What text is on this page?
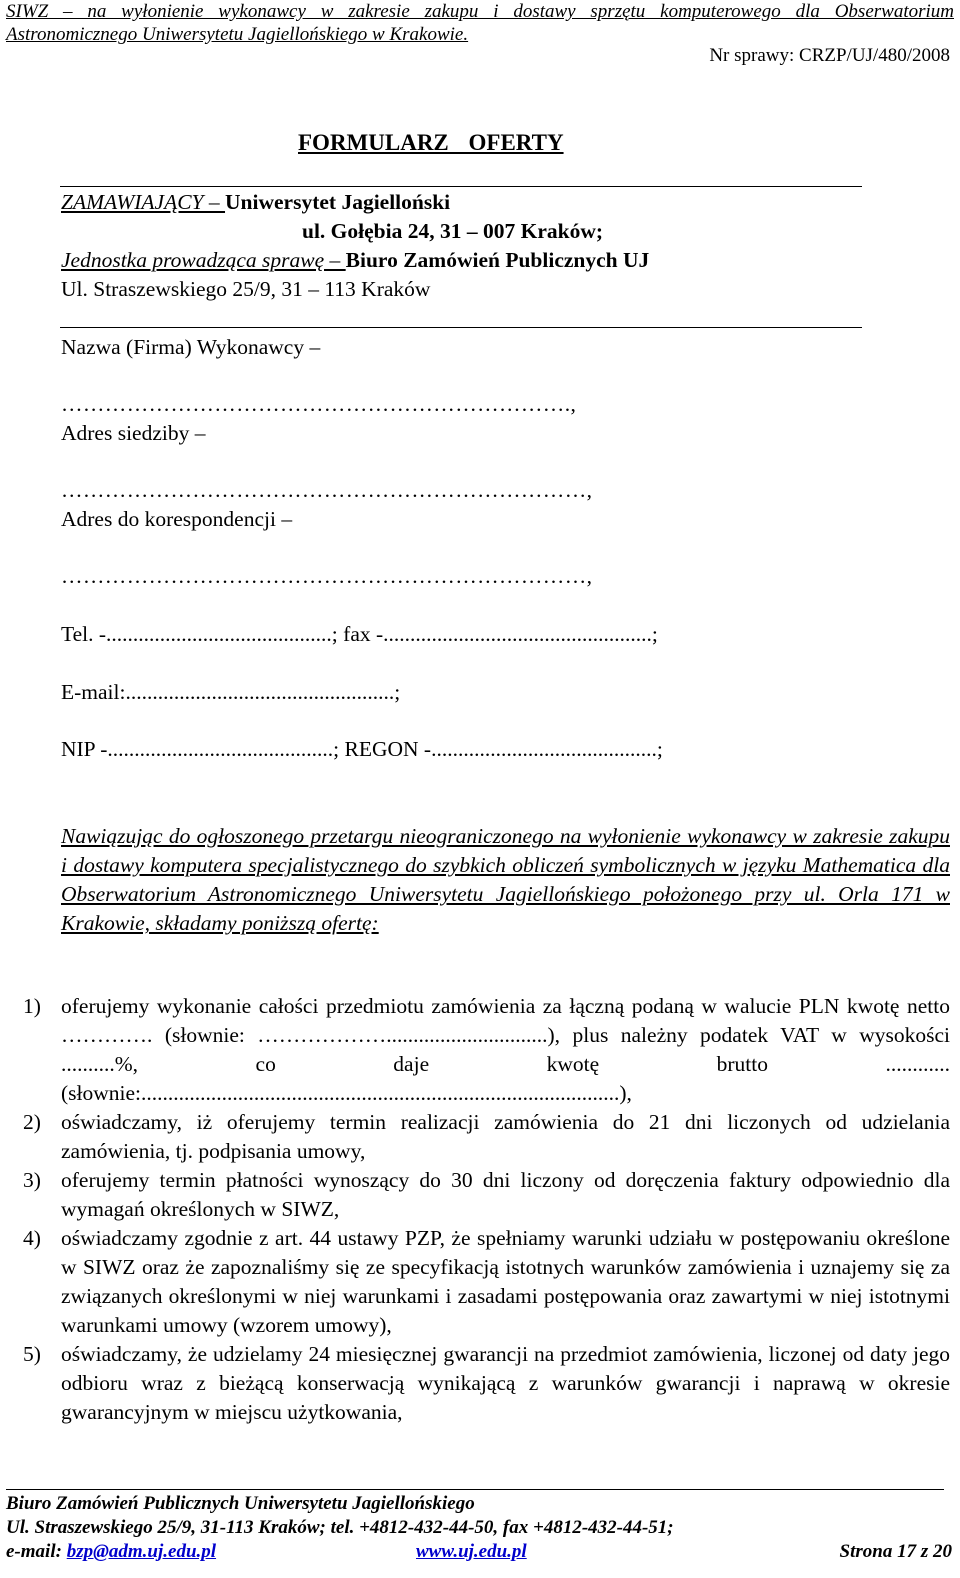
SIWZ – na wyłonienie wykonawcy w zakresie zakupu i dostawy sprzętu komputerowego dla Obserwatorium
Astronomicznego Uniwersytetu Jagiellońskiego w Krakowie.
Nr sprawy: CRZP/UJ/480/2008
FORMULARZ OFERTY
ZAMAWIAJĄCY – Uniwersytet Jagielloński
ul. Gołębia 24, 31 – 007 Kraków;
Jednostka prowadząca sprawę – Biuro Zamówień Publicznych UJ
Ul. Straszewskiego 25/9, 31 – 113 Kraków
Nazwa (Firma) Wykonawcy –
…………………………………………………………….,
Adres siedziby –
………………………………………………………………,
Adres do korespondencji –
………………………………………………………………,
Tel. -..........................................; fax -..................................................;
E-mail:..................................................;
NIP -..........................................; REGON -..........................................;
Nawiązując do ogłoszonego przetargu nieograniczonego na wyłonienie wykonawcy w zakresie zakupu i dostawy komputera specjalistycznego do szybkich obliczeń symbolicznych w języku Mathematica dla Obserwatorium Astronomicznego Uniwersytetu Jagiellońskiego położonego przy ul. Orla 171 w Krakowie, składamy poniższą ofertę:
1) oferujemy wykonanie całości przedmiotu zamówienia za łączną podaną w walucie PLN kwotę netto …………. (słownie: ………………..............................), plus należny podatek VAT w wysokości ..........%, co daje kwotę brutto ............ (słownie:.........................................................................................),
2) oświadczamy, iż oferujemy termin realizacji zamówienia do 21 dni liczonych od udzielania zamówienia, tj. podpisania umowy,
3) oferujemy termin płatności wynoszący do 30 dni liczony od doręczenia faktury odpowiednio dla wymagań określonych w SIWZ,
4) oświadczamy zgodnie z art. 44 ustawy PZP, że spełniamy warunki udziału w postępowaniu określone w SIWZ oraz że zapoznaliśmy się ze specyfikacją istotnych warunków zamówienia i uznajemy się za związanych określonymi w niej warunkami i zasadami postępowania oraz zawartymi w niej istotnymi warunkami umowy (wzorem umowy),
5) oświadczamy, że udzielamy 24 miesięcznej gwarancji na przedmiot zamówienia, liczonej od daty jego odbioru wraz z bieżącą konserwacją wynikającą z warunków gwarancji i naprawą w okresie gwarancyjnym w miejscu użytkowania,
Biuro Zamówień Publicznych Uniwersytetu Jagiellońskiego
Ul. Straszewskiego 25/9, 31-113 Kraków; tel. +4812-432-44-50, fax +4812-432-44-51;
e-mail: bzp@adm.uj.edu.pl	www.uj.edu.pl	Strona 17 z 20
